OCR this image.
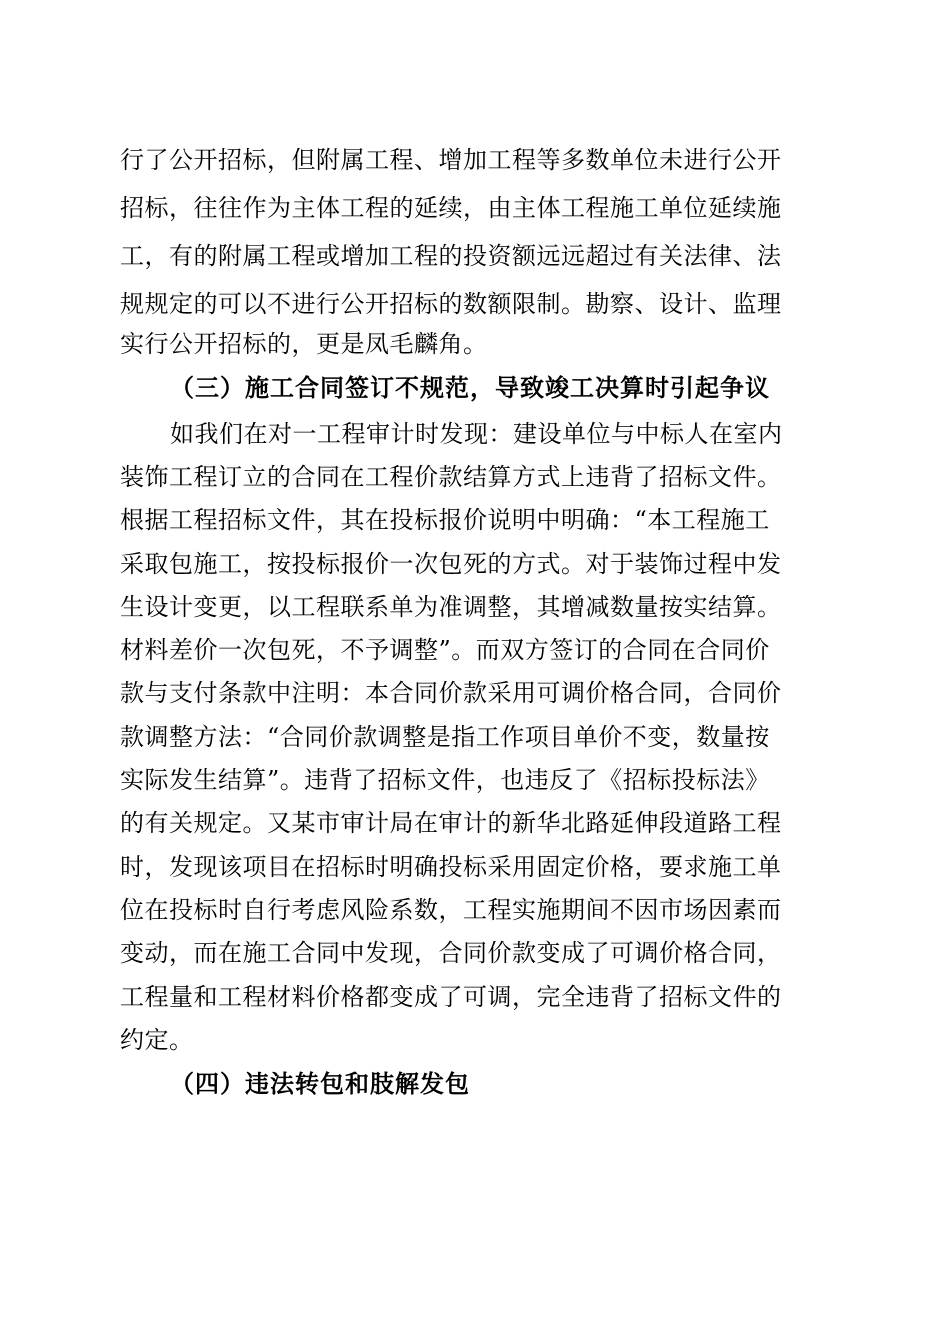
行了公开招标，但附属工程、增加工程等多数单位未进行公开
招标，往往作为主体工程的延续，由主体工程施工单位延续施
工，有的附属工程或增加工程的投资额远远超过有关法律、法
规规定的可以不进行公开招标的数额限制。勘察、设计、监理
实行公开招标的，更是凤毛麟角。
（三）施工合同签订不规范，导致竣工决算时引起争议
如我们在对一工程审计时发现：建设单位与中标人在室内
装饰工程订立的合同在工程价款结算方式上违背了招标文件。
根据工程招标文件，其在投标报价说明中明确：“本工程施工
采取包施工，按投标报价一次包死的方式。对于装饰过程中发
生设计变更，以工程联系单为准调整，其增减数量按实结算。
材料差价一次包死，不予调整”。而双方签订的合同在合同价
款与支付条款中注明：本合同价款采用可调价格合同，合同价
款调整方法：“合同价款调整是指工作项目单价不变，数量按
实际发生结算”。违背了招标文件，也违反了《招标投标法》
的有关规定。又某市审计局在审计的新华北路延伸段道路工程
时，发现该项目在招标时明确投标采用固定价格，要求施工单
位在投标时自行考虑风险系数，工程实施期间不因市场因素而
变动，而在施工合同中发现，合同价款变成了可调价格合同，
工程量和工程材料价格都变成了可调，完全违背了招标文件的
约定。
（四）违法转包和肢解发包
